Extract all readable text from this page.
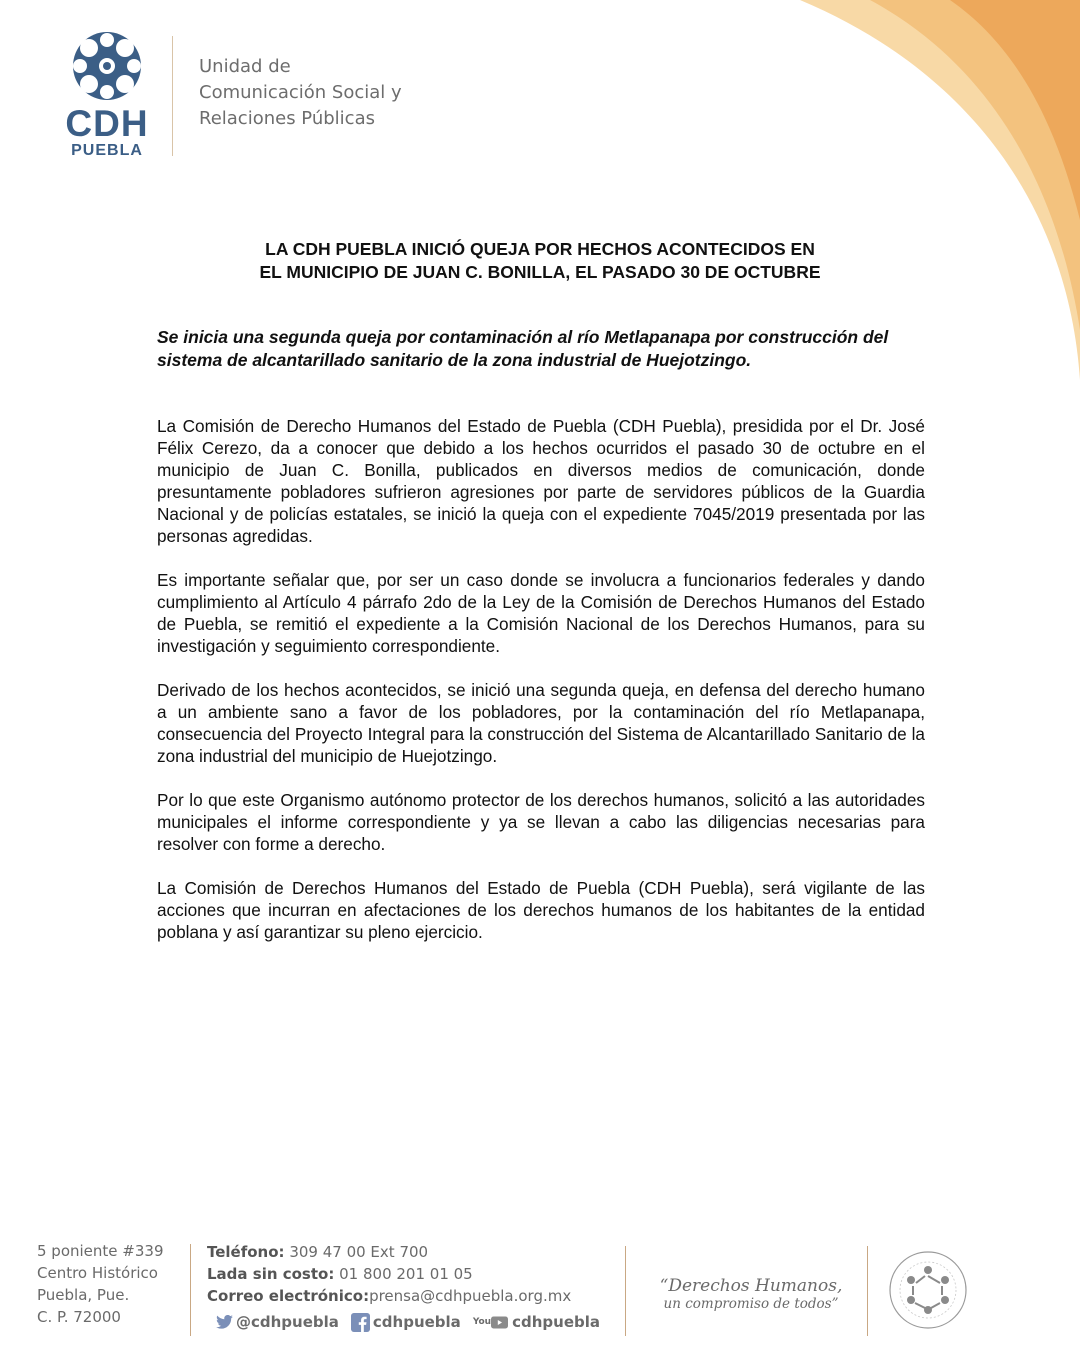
CDH
PUEBLA
Unidad de
Comunicación Social y
Relaciones Públicas
LA CDH PUEBLA INICIÓ QUEJA POR HECHOS ACONTECIDOS EN
EL MUNICIPIO DE JUAN C. BONILLA, EL PASADO 30 DE OCTUBRE
Se inicia una segunda queja por contaminación al río Metlapanapa por construcción del sistema de alcantarillado sanitario de la zona industrial de Huejotzingo.

La Comisión de Derecho Humanos del Estado de Puebla (CDH Puebla), presidida por el Dr. José Félix Cerezo, da a conocer que debido a los hechos ocurridos el pasado 30 de octubre en el municipio de Juan C. Bonilla, publicados en diversos medios de comunicación, donde presuntamente pobladores sufrieron agresiones por parte de servidores públicos de la Guardia Nacional y de policías estatales, se inició la queja con el expediente 7045/2019 presentada por las personas agredidas.

Es importante señalar que, por ser un caso donde se involucra a funcionarios federales y dando cumplimiento al Artículo 4 párrafo 2do de la Ley de la Comisión de Derechos Humanos del Estado de Puebla, se remitió el expediente a la Comisión Nacional de los Derechos Humanos, para su investigación y seguimiento correspondiente.

Derivado de los hechos acontecidos, se inició una segunda queja, en defensa del derecho humano a un ambiente sano a favor de los pobladores, por la contaminación del río Metlapanapa, consecuencia del Proyecto Integral para la construcción del Sistema de Alcantarillado Sanitario de la zona industrial del municipio de Huejotzingo.

Por lo que este Organismo autónomo protector de los derechos humanos, solicitó a las autoridades municipales el informe correspondiente y ya se llevan a cabo las diligencias necesarias para resolver con forme a derecho.

La Comisión de Derechos Humanos del Estado de Puebla (CDH Puebla), será vigilante de las acciones que incurran en afectaciones de los derechos humanos de los habitantes de la entidad poblana y así garantizar su pleno ejercicio.

5 poniente #339
Centro Histórico
Puebla, Pue.
C. P. 72000
Teléfono: 309 47 00 Ext 700
Lada sin costo: 01 800 201 01 05
Correo electrónico:prensa@cdhpuebla.org.mx
@cdhpuebla cdhpuebla You cdhpuebla
“Derechos Humanos,
un compromiso de todos”
